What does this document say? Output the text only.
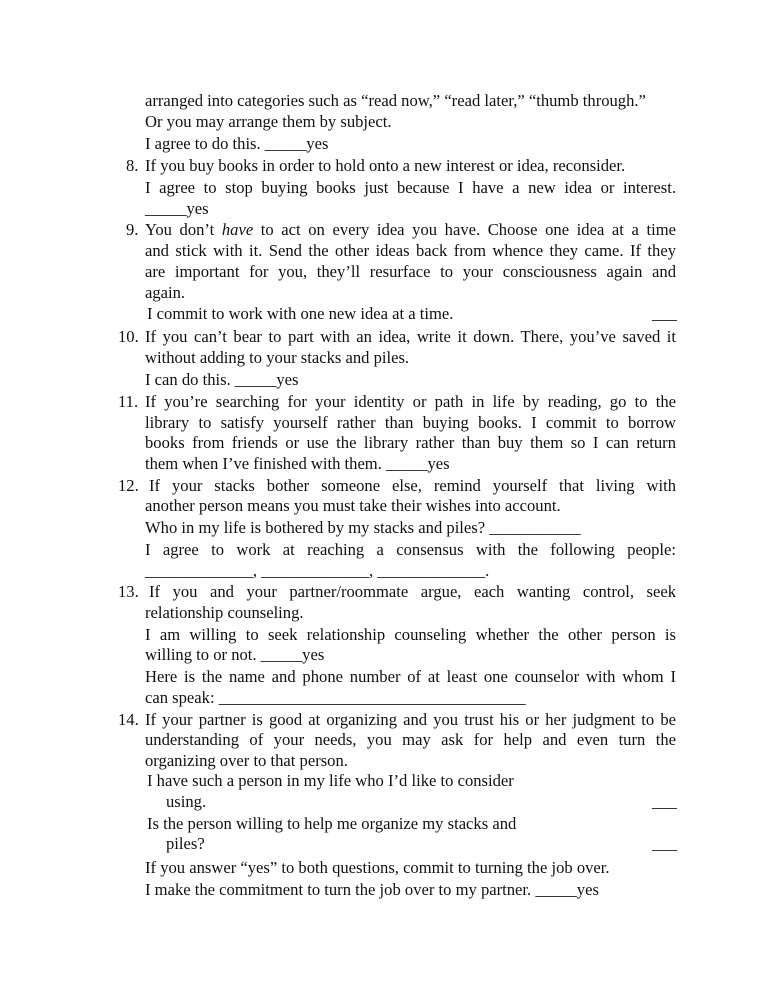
arranged into categories such as “read now,” “read later,” “thumb through.”
Or you may arrange them by subject.
I agree to do this. _____yes
8. If you buy books in order to hold onto a new interest or idea, reconsider.
I agree to stop buying books just because I have a new idea or interest.
_____yes
9. You don’t have to act on every idea you have. Choose one idea at a time
and stick with it. Send the other ideas back from whence they came. If they
are important for you, they’ll resurface to your consciousness again and
again.
I commit to work with one new idea at a time.	___
10. If you can’t bear to part with an idea, write it down. There, you’ve saved it
without adding to your stacks and piles.
I can do this. _____yes
11. If you’re searching for your identity or path in life by reading, go to the
library to satisfy yourself rather than buying books. I commit to borrow
books from friends or use the library rather than buy them so I can return
them when I’ve finished with them. _____yes
12. If your stacks bother someone else, remind yourself that living with
another person means you must take their wishes into account.
Who in my life is bothered by my stacks and piles? ___________
I agree to work at reaching a consensus with the following people:
_____________, _____________, _____________.
13. If you and your partner/roommate argue, each wanting control, seek
relationship counseling.
I am willing to seek relationship counseling whether the other person is
willing to or not. _____yes
Here is the name and phone number of at least one counselor with whom I
can speak: _____________________________________
14. If your partner is good at organizing and you trust his or her judgment to be
understanding of your needs, you may ask for help and even turn the
organizing over to that person.
I have such a person in my life who I’d like to consider
using.	___
Is the person willing to help me organize my stacks and
piles?	___
If you answer “yes” to both questions, commit to turning the job over.
I make the commitment to turn the job over to my partner. _____yes
